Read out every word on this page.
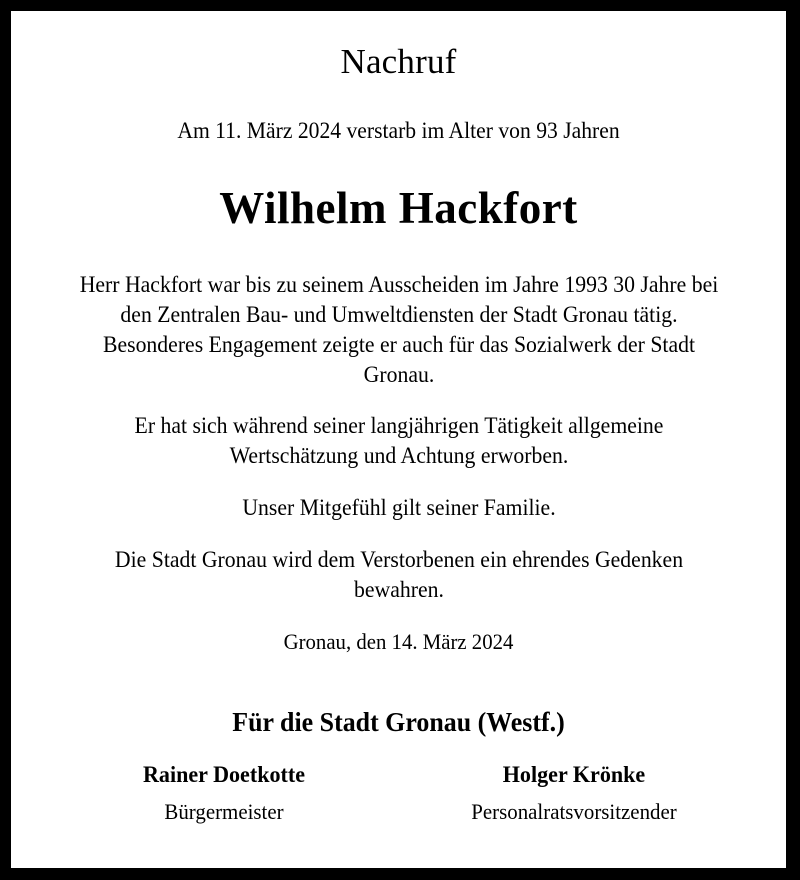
Nachruf

Am 11. März 2024 verstarb im Alter von 93 Jahren

Wilhelm Hackfort

Herr Hackfort war bis zu seinem Ausscheiden im Jahre 1993 30 Jahre bei den Zentralen Bau- und Umweltdiensten der Stadt Gronau tätig. Besonderes Engagement zeigte er auch für das Sozialwerk der Stadt Gronau.

Er hat sich während seiner langjährigen Tätigkeit allgemeine Wertschätzung und Achtung erworben.

Unser Mitgefühl gilt seiner Familie.

Die Stadt Gronau wird dem Verstorbenen ein ehrendes Gedenken bewahren.

Gronau, den 14. März 2024

Für die Stadt Gronau (Westf.)
Rainer Doetkotte
Bürgermeister
Holger Krönke
Personalratsvorsitzender
